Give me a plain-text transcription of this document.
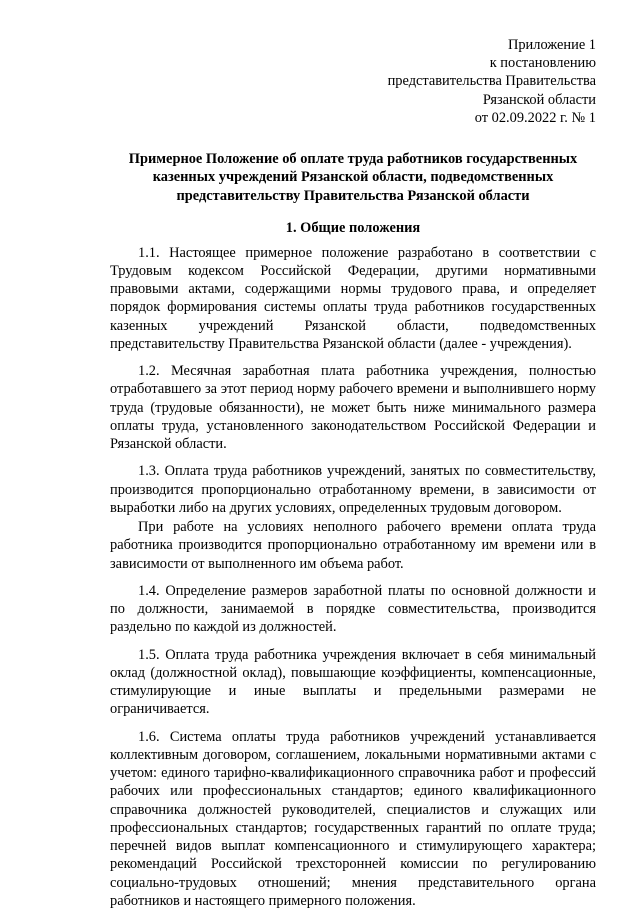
Приложение 1
к постановлению
представительства Правительства
Рязанской области
от 02.09.2022 г. № 1
Примерное Положение об оплате труда работников государственных казенных учреждений Рязанской области, подведомственных представительству Правительства Рязанской области
1. Общие положения

1.1. Настоящее примерное положение разработано в соответствии с Трудовым кодексом Российской Федерации, другими нормативными правовыми актами, содержащими нормы трудового права, и определяет порядок формирования системы оплаты труда работников государственных казенных учреждений Рязанской области, подведомственных представительству Правительства Рязанской области (далее - учреждения).

1.2. Месячная заработная плата работника учреждения, полностью отработавшего за этот период норму рабочего времени и выполнившего норму труда (трудовые обязанности), не может быть ниже минимального размера оплаты труда, установленного законодательством Российской Федерации и Рязанской области.

1.3. Оплата труда работников учреждений, занятых по совместительству, производится пропорционально отработанному времени, в зависимости от выработки либо на других условиях, определенных трудовым договором.

При работе на условиях неполного рабочего времени оплата труда работника производится пропорционально отработанному им времени или в зависимости от выполненного им объема работ.

1.4. Определение размеров заработной платы по основной должности и по должности, занимаемой в порядке совместительства, производится раздельно по каждой из должностей.

1.5. Оплата труда работника учреждения включает в себя минимальный оклад (должностной оклад), повышающие коэффициенты, компенсационные, стимулирующие и иные выплаты и предельными размерами не ограничивается.

1.6. Система оплаты труда работников учреждений устанавливается коллективным договором, соглашением, локальными нормативными актами с учетом: единого тарифно-квалификационного справочника работ и профессий рабочих или профессиональных стандартов; единого квалификационного справочника должностей руководителей, специалистов и служащих или профессиональных стандартов; государственных гарантий по оплате труда; перечней видов выплат компенсационного и стимулирующего характера; рекомендаций Российской трехсторонней комиссии по регулированию социально-трудовых отношений; мнения представительного органа работников и настоящего примерного положения.
